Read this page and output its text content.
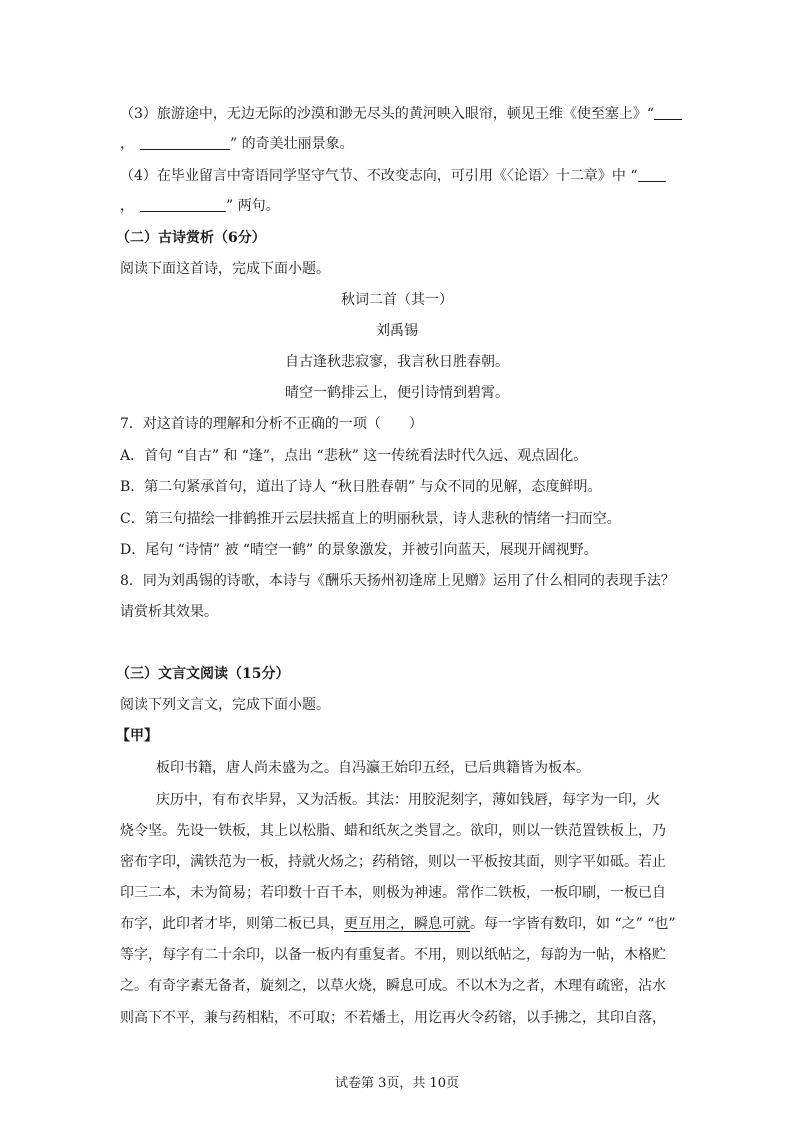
（3）旅游途中，无边无际的沙漠和渺无尽头的黄河映入眼帘，顿见王维《使至塞上》“
，	” 的奇美壮丽景象。
（4）在毕业留言中寄语同学坚守气节、不改变志向，可引用《〈论语〉十二章》中 “
，	” 两句。
（二）古诗赏析（6分）
阅读下面这首诗，完成下面小题。
秋词二首（其一）
刘禹锡
自古逢秋悲寂寥，我言秋日胜春朝。
晴空一鹤排云上，便引诗情到碧霄。
7．对这首诗的理解和分析不正确的一项（　　）
A．首句 “自古” 和 “逢”，点出 “悲秋” 这一传统看法时代久远、观点固化。
B．第二句紧承首句，道出了诗人 “秋日胜春朝” 与众不同的见解，态度鲜明。
C．第三句描绘一排鹤推开云层扶摇直上的明丽秋景，诗人悲秋的情绪一扫而空。
D．尾句 “诗情” 被 “晴空一鹤” 的景象激发，并被引向蓝天，展现开阔视野。
8．同为刘禹锡的诗歌，本诗与《酬乐天扬州初逢席上见赠》运用了什么相同的表现手法？
请赏析其效果。
（三）文言文阅读（15分）
阅读下列文言文，完成下面小题。
【甲】
板印书籍，唐人尚未盛为之。自冯瀛王始印五经，已后典籍皆为板本。
庆历中，有布衣毕昇，又为活板。其法：用胶泥刻字，薄如钱唇，每字为一印，火
烧令坚。先设一铁板，其上以松脂、蜡和纸灰之类冒之。欲印，则以一铁范置铁板上，乃
密布字印，满铁范为一板，持就火炀之；药稍镕，则以一平板按其面，则字平如砥。若止
印三二本，未为简易；若印数十百千本，则极为神速。常作二铁板，一板印刷，一板已自
布字，此印者才毕，则第二板已具，更互用之，瞬息可就。每一字皆有数印，如 “之” “也”
等字，每字有二十余印，以备一板内有重复者。不用，则以纸帖之，每韵为一帖，木格贮
之。有奇字素无备者，旋刻之，以草火烧，瞬息可成。不以木为之者，木理有疏密，沾水
则高下不平，兼与药相粘，不可取；不若燔土，用讫再火令药镕，以手拂之，其印自落，
试卷第 3页，共 10页
